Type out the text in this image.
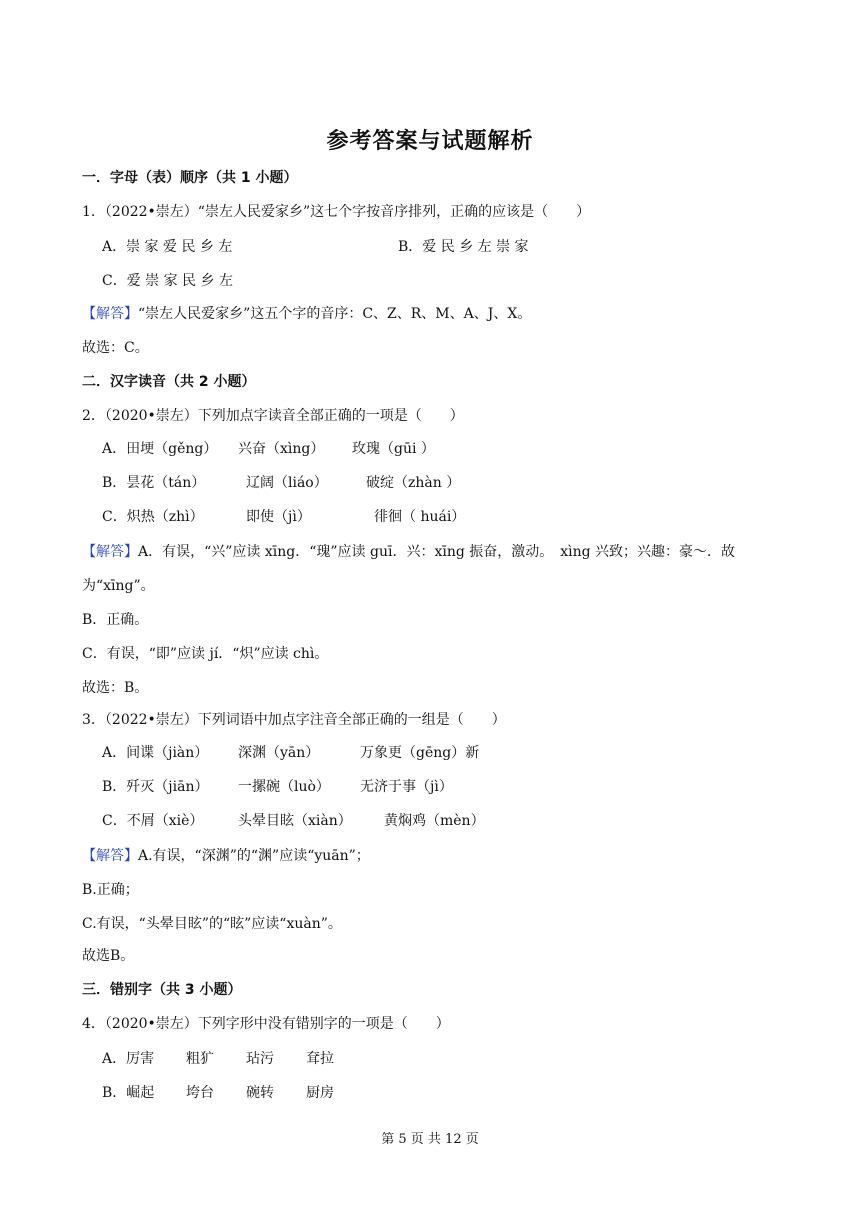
参考答案与试题解析
一．字母（表）顺序（共 1 小题）
1．（2022•崇左）“崇左人民爱家乡”这七个字按音序排列，正确的应该是（　　）
A．崇 家 爱 民 乡 左	B．爱 民 乡 左 崇 家
C．爱 崇 家 民 乡 左
【解答】“崇左人民爱家乡”这五个字的音序：C、Z、R、M、A、J、X。
故选：C。
二．汉字读音（共 2 小题）
2．（2020•崇左）下列加点字读音全部正确的一项是（　　）
A．田埂（gěng） 兴奋（xìng） 玫瑰（gūi ）
B．昙花（tán）	辽阔（liáo）	破绽（zhàn ）
C．炽热（zhì）	即使（jì）	徘徊（ huái）
【解答】A．有误，“兴”应读 xīng．“瑰”应读 guī．兴：xīng 振奋，激动。　xìng 兴致；兴趣：豪～．故
为“xīng”。
B．正确。
C．有误，“即”应读 jí．“炽”应读 chì。
故选：B。
3．（2022•崇左）下列词语中加点字注音全部正确的一组是（　　）
A．间谍（jiàn） 深渊（yān）	万象更（gēng）新
B．歼灭（jiān） 一摞碗（luò） 无济于事（jì）
C．不屑（xiè） 头晕目眩（xiàn） 黄焖鸡（mèn）
【解答】A.有误，“深渊”的“渊”应读“yuān”；
B.正确；
C.有误，“头晕目眩”的“眩”应读“xuàn”。
故选B。
三．错别字（共 3 小题）
4．（2020•崇左）下列字形中没有错别字的一项是（　　）
A．厉害 粗犷 玷污 耷拉
B．崛起 垮台 碗转 厨房
第 5 页 共 12 页
